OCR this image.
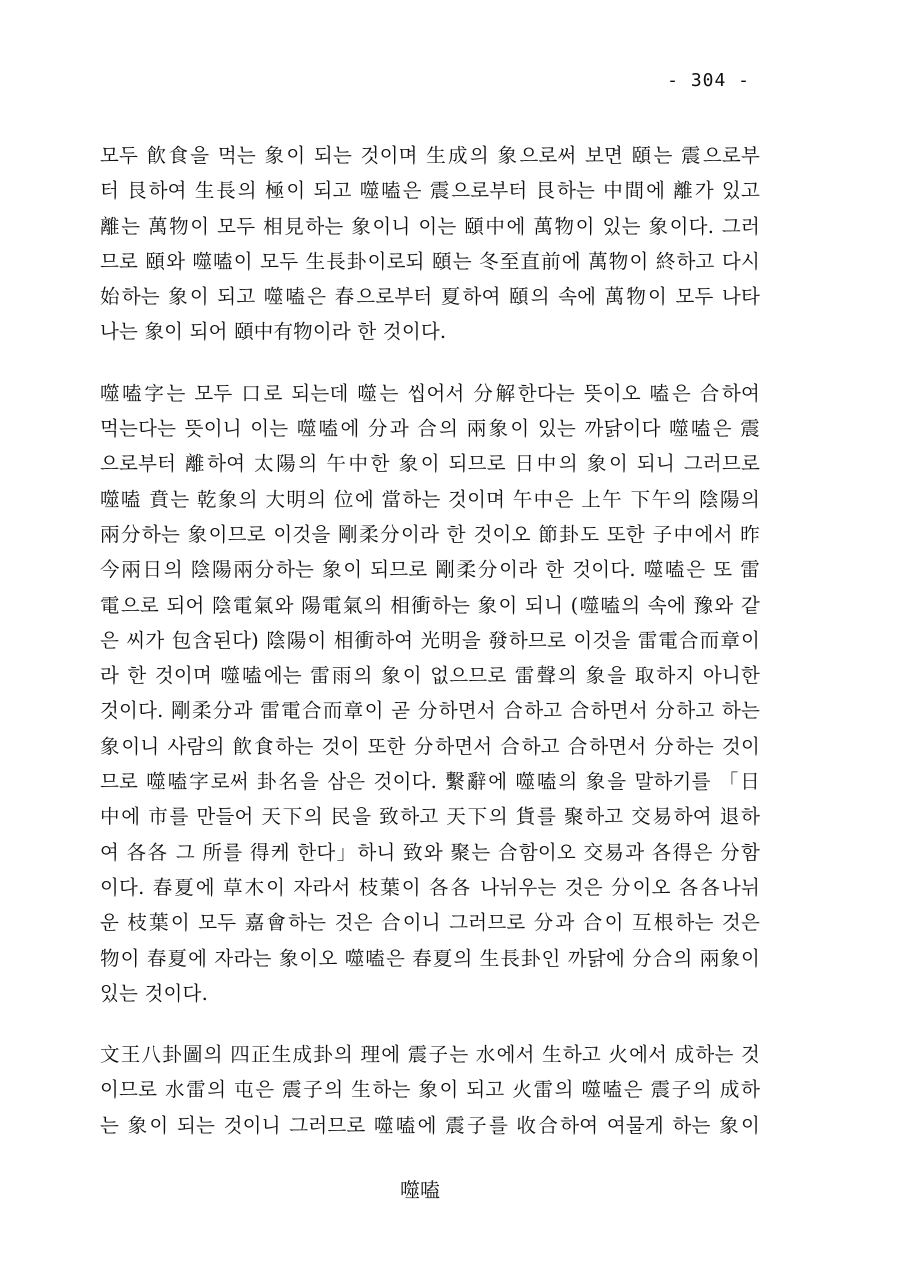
- 304 -
모두 飮食을 먹는 象이 되는 것이며 生成의 象으로써 보면 頤는 震으로부
터 艮하여 生長의 極이 되고 噬嗑은 震으로부터 艮하는 中間에 離가 있고
離는 萬物이 모두 相見하는 象이니 이는 頤中에 萬物이 있는 象이다. 그러
므로 頤와 噬嗑이 모두 生長卦이로되 頤는 冬至直前에 萬物이 終하고 다시
始하는 象이 되고 噬嗑은 春으로부터 夏하여 頤의 속에 萬物이 모두 나타
나는 象이 되어 頤中有物이라 한 것이다.
噬嗑字는 모두 口로 되는데 噬는 씹어서 分解한다는 뜻이오 嗑은 合하여
먹는다는 뜻이니 이는 噬嗑에 分과 合의 兩象이 있는 까닭이다 噬嗑은 震
으로부터 離하여 太陽의 午中한 象이 되므로 日中의 象이 되니 그러므로
噬嗑 賁는 乾象의 大明의 位에 當하는 것이며 午中은 上午 下午의 陰陽의
兩分하는 象이므로 이것을 剛柔分이라 한 것이오 節卦도 또한 子中에서 昨
今兩日의 陰陽兩分하는 象이 되므로 剛柔分이라 한 것이다. 噬嗑은 또 雷
電으로 되어 陰電氣와 陽電氣의 相衝하는 象이 되니 (噬嗑의 속에 豫와 같
은 씨가 包含된다) 陰陽이 相衝하여 光明을 發하므로 이것을 雷電合而章이
라 한 것이며 噬嗑에는 雷雨의 象이 없으므로 雷聲의 象을 取하지 아니한
것이다. 剛柔分과 雷電合而章이 곧 分하면서 合하고 合하면서 分하고 하는
象이니 사람의 飮食하는 것이 또한 分하면서 合하고 合하면서 分하는 것이
므로 噬嗑字로써 卦名을 삼은 것이다. 繫辭에 噬嗑의 象을 말하기를 「日
中에 市를 만들어 天下의 民을 致하고 天下의 貨를 聚하고 交易하여 退하
여 各各 그 所를 得케 한다」하니 致와 聚는 合함이오 交易과 各得은 分함
이다. 春夏에 草木이 자라서 枝葉이 各各 나뉘우는 것은 分이오 各各나뉘
운 枝葉이 모두 嘉會하는 것은 合이니 그러므로 分과 合이 互根하는 것은
物이 春夏에 자라는 象이오 噬嗑은 春夏의 生長卦인 까닭에 分合의 兩象이
있는 것이다.
文王八卦圖의 四正生成卦의 理에 震子는 水에서 生하고 火에서 成하는 것
이므로 水雷의 屯은 震子의 生하는 象이 되고 火雷의 噬嗑은 震子의 成하
는 象이 되는 것이니 그러므로 噬嗑에 震子를 收合하여 여물게 하는 象이
噬嗑
